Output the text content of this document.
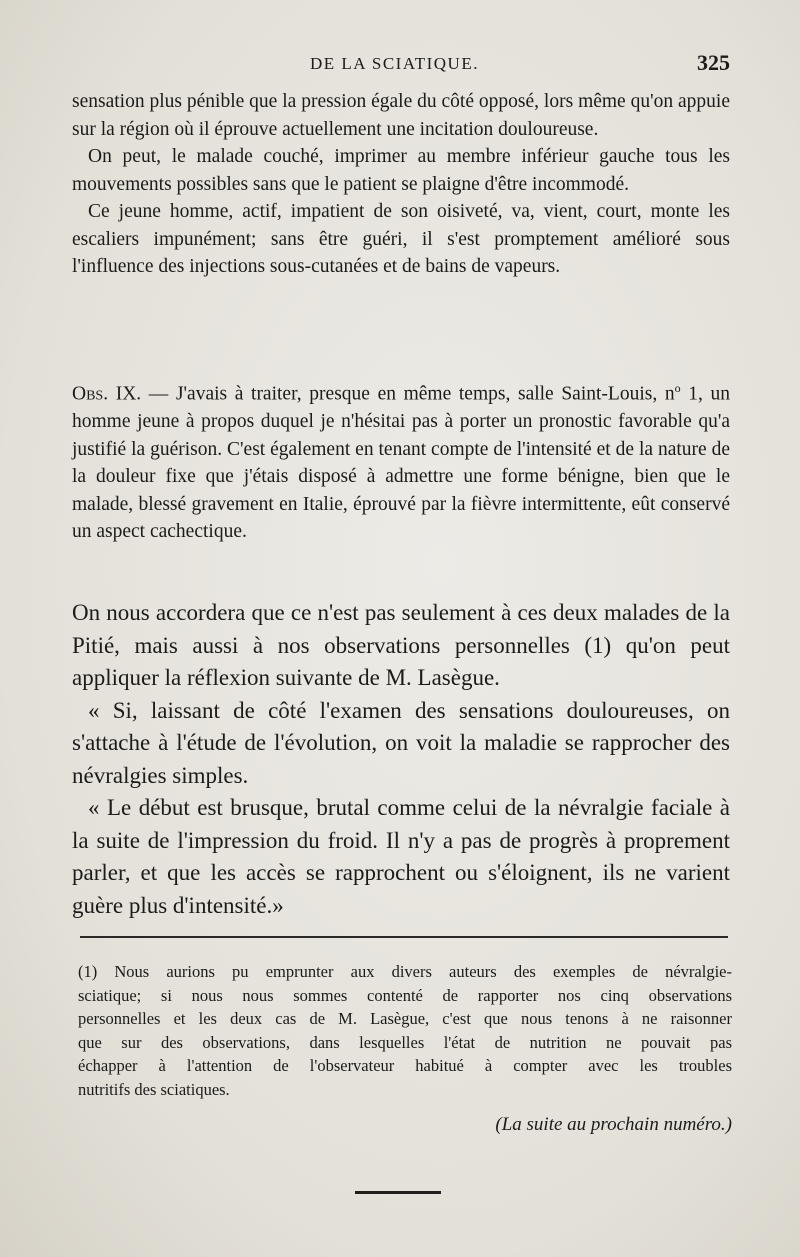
DE LA SCIATIQUE.	325

sensation plus pénible que la pression égale du côté opposé, lors même qu'on appuie sur la région où il éprouve actuellement une incitation douloureuse.

On peut, le malade couché, imprimer au membre inférieur gauche tous les mouvements possibles sans que le patient se plaigne d'être incommodé.

Ce jeune homme, actif, impatient de son oisiveté, va, vient, court, monte les escaliers impunément; sans être guéri, il s'est promptement amélioré sous l'influence des injections sous-cutanées et de bains de vapeurs.

Obs. IX. — J'avais à traiter, presque en même temps, salle Saint-Louis, $n^o$ 1, un homme jeune à propos duquel je n'hésitai pas à porter un pronostic favorable qu'a justifié la guérison. C'est également en tenant compte de l'intensité et de la nature de la douleur fixe que j'étais disposé à admettre une forme bénigne, bien que le malade, blessé gravement en Italie, éprouvé par la fièvre intermittente, eût conservé un aspect cachectique.

On nous accordera que ce n'est pas seulement à ces deux malades de la Pitié, mais aussi à nos observations personnelles (1) qu'on peut appliquer la réflexion suivante de M. Lasègue.

« Si, laissant de côté l'examen des sensations douloureuses, on s'attache à l'étude de l'évolution, on voit la maladie se rapprocher des névralgies simples.

« Le début est brusque, brutal comme celui de la névralgie faciale à la suite de l'impression du froid. Il n'y a pas de progrès à proprement parler, et que les accès se rapprochent ou s'éloignent, ils ne varient guère plus d'intensité.»

(1) Nous aurions pu emprunter aux divers auteurs des exemples de névralgie-

sciatique; si nous nous sommes contenté de rapporter nos cinq observations

personnelles et les deux cas de M. Lasègue, c'est que nous tenons à ne raisonner

que sur des observations, dans lesquelles l'état de nutrition ne pouvait pas

échapper à l'attention de l'observateur habitué à compter avec les troubles

nutritifs des sciatiques.

(La suite au prochain numéro.)
